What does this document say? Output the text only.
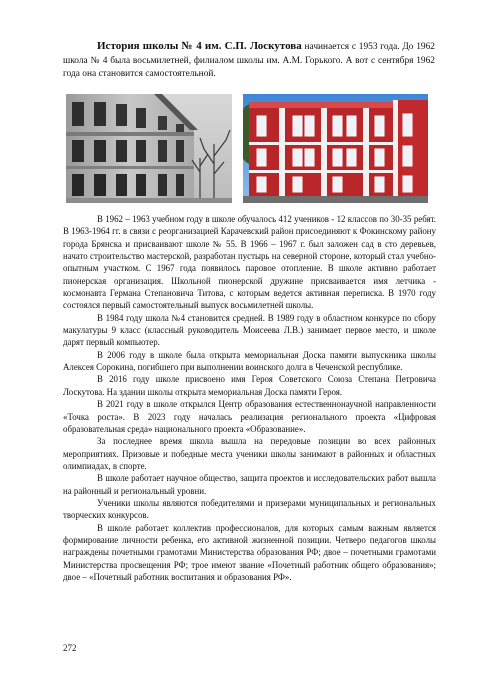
История школы № 4 им. С.П. Лоскутова начинается с 1953 года. До 1962 школа № 4 была восьмилетней, филиалом школы им. А.М. Горького. А вот с сентября 1962 года она становится самостоятельной.

В 1962 – 1963 учебном году в школе обучалось 412 учеников - 12 классов по 30-35 ребят. В 1963-1964 гг. в связи с реорганизацией Карачевский район присоединяют к Фокинскому району города Брянска и присваивают школе № 55. В 1966 – 1967 г. был заложен сад в сто деревьев, начато строительство мастерской, разработан пустырь на северной стороне, который стал учебно-опытным участком. С 1967 года появилось паровое отопление. В школе активно работает пионерская организация. Школьной пионерской дружине присваивается имя летчика - космонавта Германа Степановича Титова, с которым ведется активная переписка. В 1970 году состоялся первый самостоятельный выпуск восьмилетней школы.

В 1984 году школа №4 становится средней. В 1989 году в областном конкурсе по сбору макулатуры 9 класс (классный руководитель Моисеева Л.В.) занимает первое место, и школе дарят первый компьютер.

В 2006 году в школе была открыта мемориальная Доска памяти выпускника школы Алексея Сорокина, погибшего при выполнении воинского долга в Чеченской республике.

В 2016 году школе присвоено имя Героя Советского Союза Степана Петровича Лоскутова. На здании школы открыта мемориальная Доска памяти Героя.

В 2021 году в школе открылся Центр образования естественнонаучной направленности «Точка роста». В 2023 году началась реализация регионального проекта «Цифровая образовательная среда» национального проекта «Образование».

За последнее время школа вышла на передовые позиции во всех районных мероприятиях. Призовые и победные места ученики школы занимают в районных и областных олимпиадах, в спорте.

В школе работает научное общество, защита проектов и исследовательских работ вышла на районный и региональный уровни.

Ученики школы являются победителями и призерами муниципальных и региональных творческих конкурсов.

В школе работает коллектив профессионалов, для которых самым важным является формирование личности ребенка, его активной жизненной позиции. Четверо педагогов школы награждены почетными грамотами Министерства образования РФ; двое – почетными грамотами Министерства просвещения РФ; трое имеют звание «Почетный работник общего образования»; двое – «Почетный работник воспитания и образования РФ».

272
